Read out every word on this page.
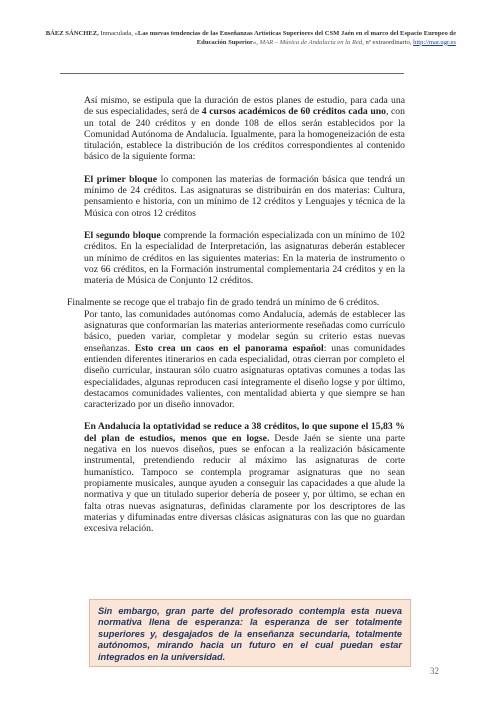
BÁEZ SÁNCHEZ, Inmaculada, «Las nuevas tendencias de las Enseñanzas Artísticas Superiores del CSM Jaén en el marco del Espacio Europeo de Educación Superior», MAR – Música de Andalucía en la Red, nº extraordinario, http://mar.ugr.es

Así mismo, se estipula que la duración de estos planes de estudio, para cada una de sus especialidades, será de 4 cursos académicos de 60 créditos cada uno, con un total de 240 créditos y en donde 108 de ellos serán establecidos por la Comunidad Autónoma de Andalucía. Igualmente, para la homogeneización de esta titulación, establece la distribución de los créditos correspondientes al contenido básico de la siguiente forma:

El primer bloque lo componen las materias de formación básica que tendrá un mínimo de 24 créditos. Las asignaturas se distribuirán en dos materias: Cultura, pensamiento e historia, con un mínimo de 12 créditos y Lenguajes y técnica de la Música con otros 12 créditos

El segundo bloque comprende la formación especializada con un mínimo de 102 créditos. En la especialidad de Interpretación, las asignaturas deberán establecer un mínimo de créditos en las siguientes materias: En la materia de instrumento o voz 66 créditos, en la Formación instrumental complementaria 24 créditos y en la materia de Música de Conjunto 12 créditos.

Finalmente se recoge que el trabajo fin de grado tendrá un mínimo de 6 créditos.

Por tanto, las comunidades autónomas como Andalucía, además de establecer las asignaturas que conformarían las materias anteriormente reseñadas como currículo básico, pueden variar, completar y modelar según su criterio estas nuevas enseñanzas. Esto crea un caos en el panorama español: unas comunidades entienden diferentes itinerarios en cada especialidad, otras cierran por completo el diseño curricular, instauran sólo cuatro asignaturas optativas comunes a todas las especialidades, algunas reproducen casi íntegramente el diseño logse y por último, destacamos comunidades valientes, con mentalidad abierta y que siempre se han caracterizado por un diseño innovador.

En Andalucía la optatividad se reduce a 38 créditos, lo que supone el 15,83 % del plan de estudios, menos que en logse. Desde Jaén se siente una parte negativa en los nuevos diseños, pues se enfocan a la realización básicamente instrumental, pretendiendo reducir al máximo las asignaturas de corte humanístico. Tampoco se contempla programar asignaturas que no sean propiamente musicales, aunque ayuden a conseguir las capacidades a que alude la normativa y que un titulado superior debería de poseer y, por último, se echan en falta otras nuevas asignaturas, definidas claramente por los descriptores de las materias y difuminadas entre diversas clásicas asignaturas con las que no guardan excesiva relación.

Sin embargo, gran parte del profesorado contempla esta nueva normativa llena de esperanza: la esperanza de ser totalmente superiores y, desgajados de la enseñanza secundaria, totalmente autónomos, mirando hacia un futuro en el cual puedan estar integrados en la universidad.
32
